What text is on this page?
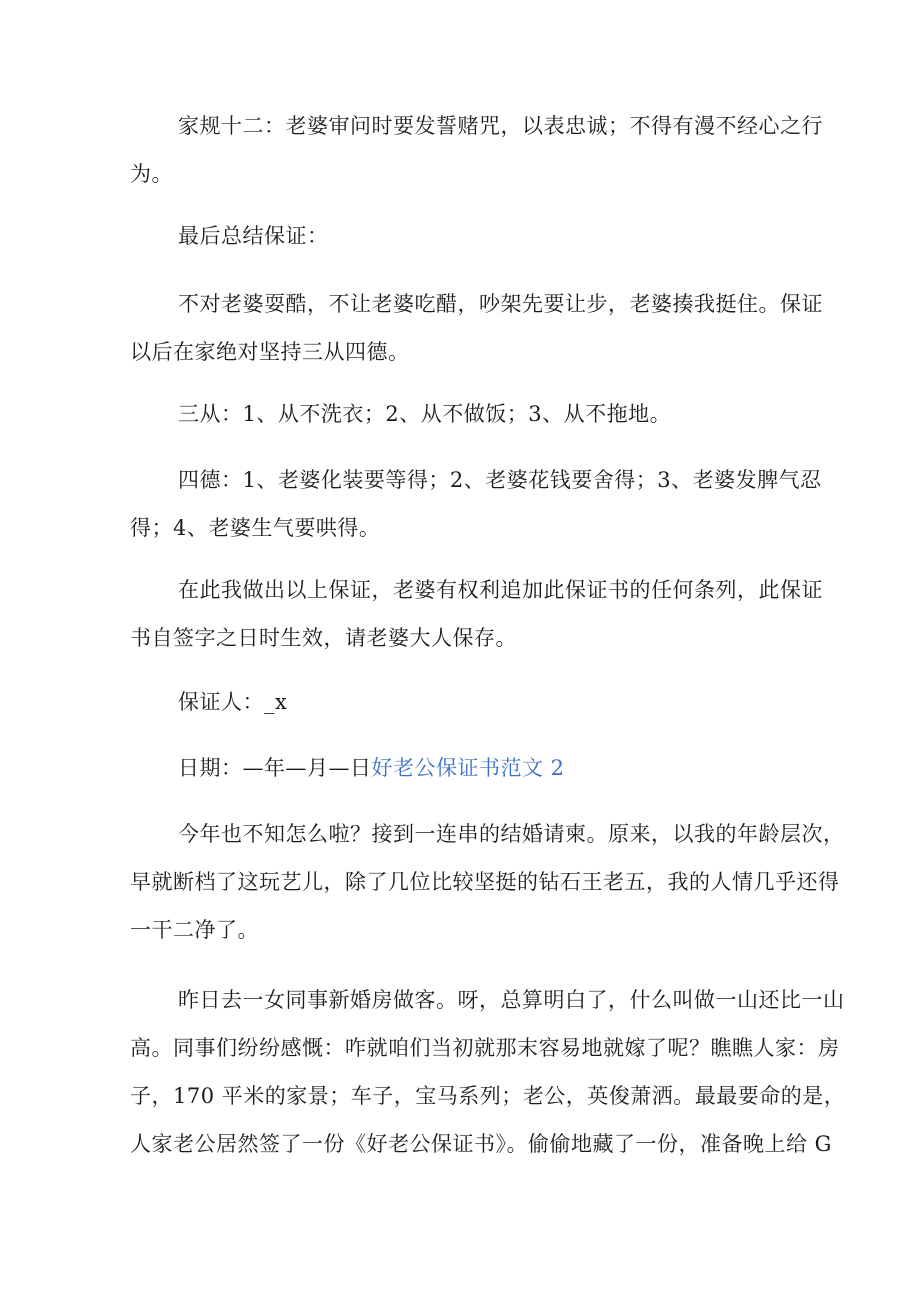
家规十二：老婆审问时要发誓赌咒，以表忠诚；不得有漫不经心之行
为。
最后总结保证：
不对老婆耍酷，不让老婆吃醋，吵架先要让步，老婆揍我挺住。保证
以后在家绝对坚持三从四德。
三从：1、从不洗衣；2、从不做饭；3、从不拖地。
四德：1、老婆化装要等得；2、老婆花钱要舍得；3、老婆发脾气忍
得；4、老婆生气要哄得。
在此我做出以上保证，老婆有权利追加此保证书的任何条列，此保证
书自签字之日时生效，请老婆大人保存。
保证人：_x
日期：—年—月—日好老公保证书范文 2
今年也不知怎么啦？接到一连串的结婚请柬。原来，以我的年龄层次，
早就断档了这玩艺儿，除了几位比较坚挺的钻石王老五，我的人情几乎还得
一干二净了。
昨日去一女同事新婚房做客。呀，总算明白了，什么叫做一山还比一山
高。同事们纷纷感慨：咋就咱们当初就那末容易地就嫁了呢？瞧瞧人家：房
子，170 平米的家景；车子，宝马系列；老公，英俊萧洒。最最要命的是，
人家老公居然签了一份《好老公保证书》。偷偷地藏了一份，准备晚上给 G
